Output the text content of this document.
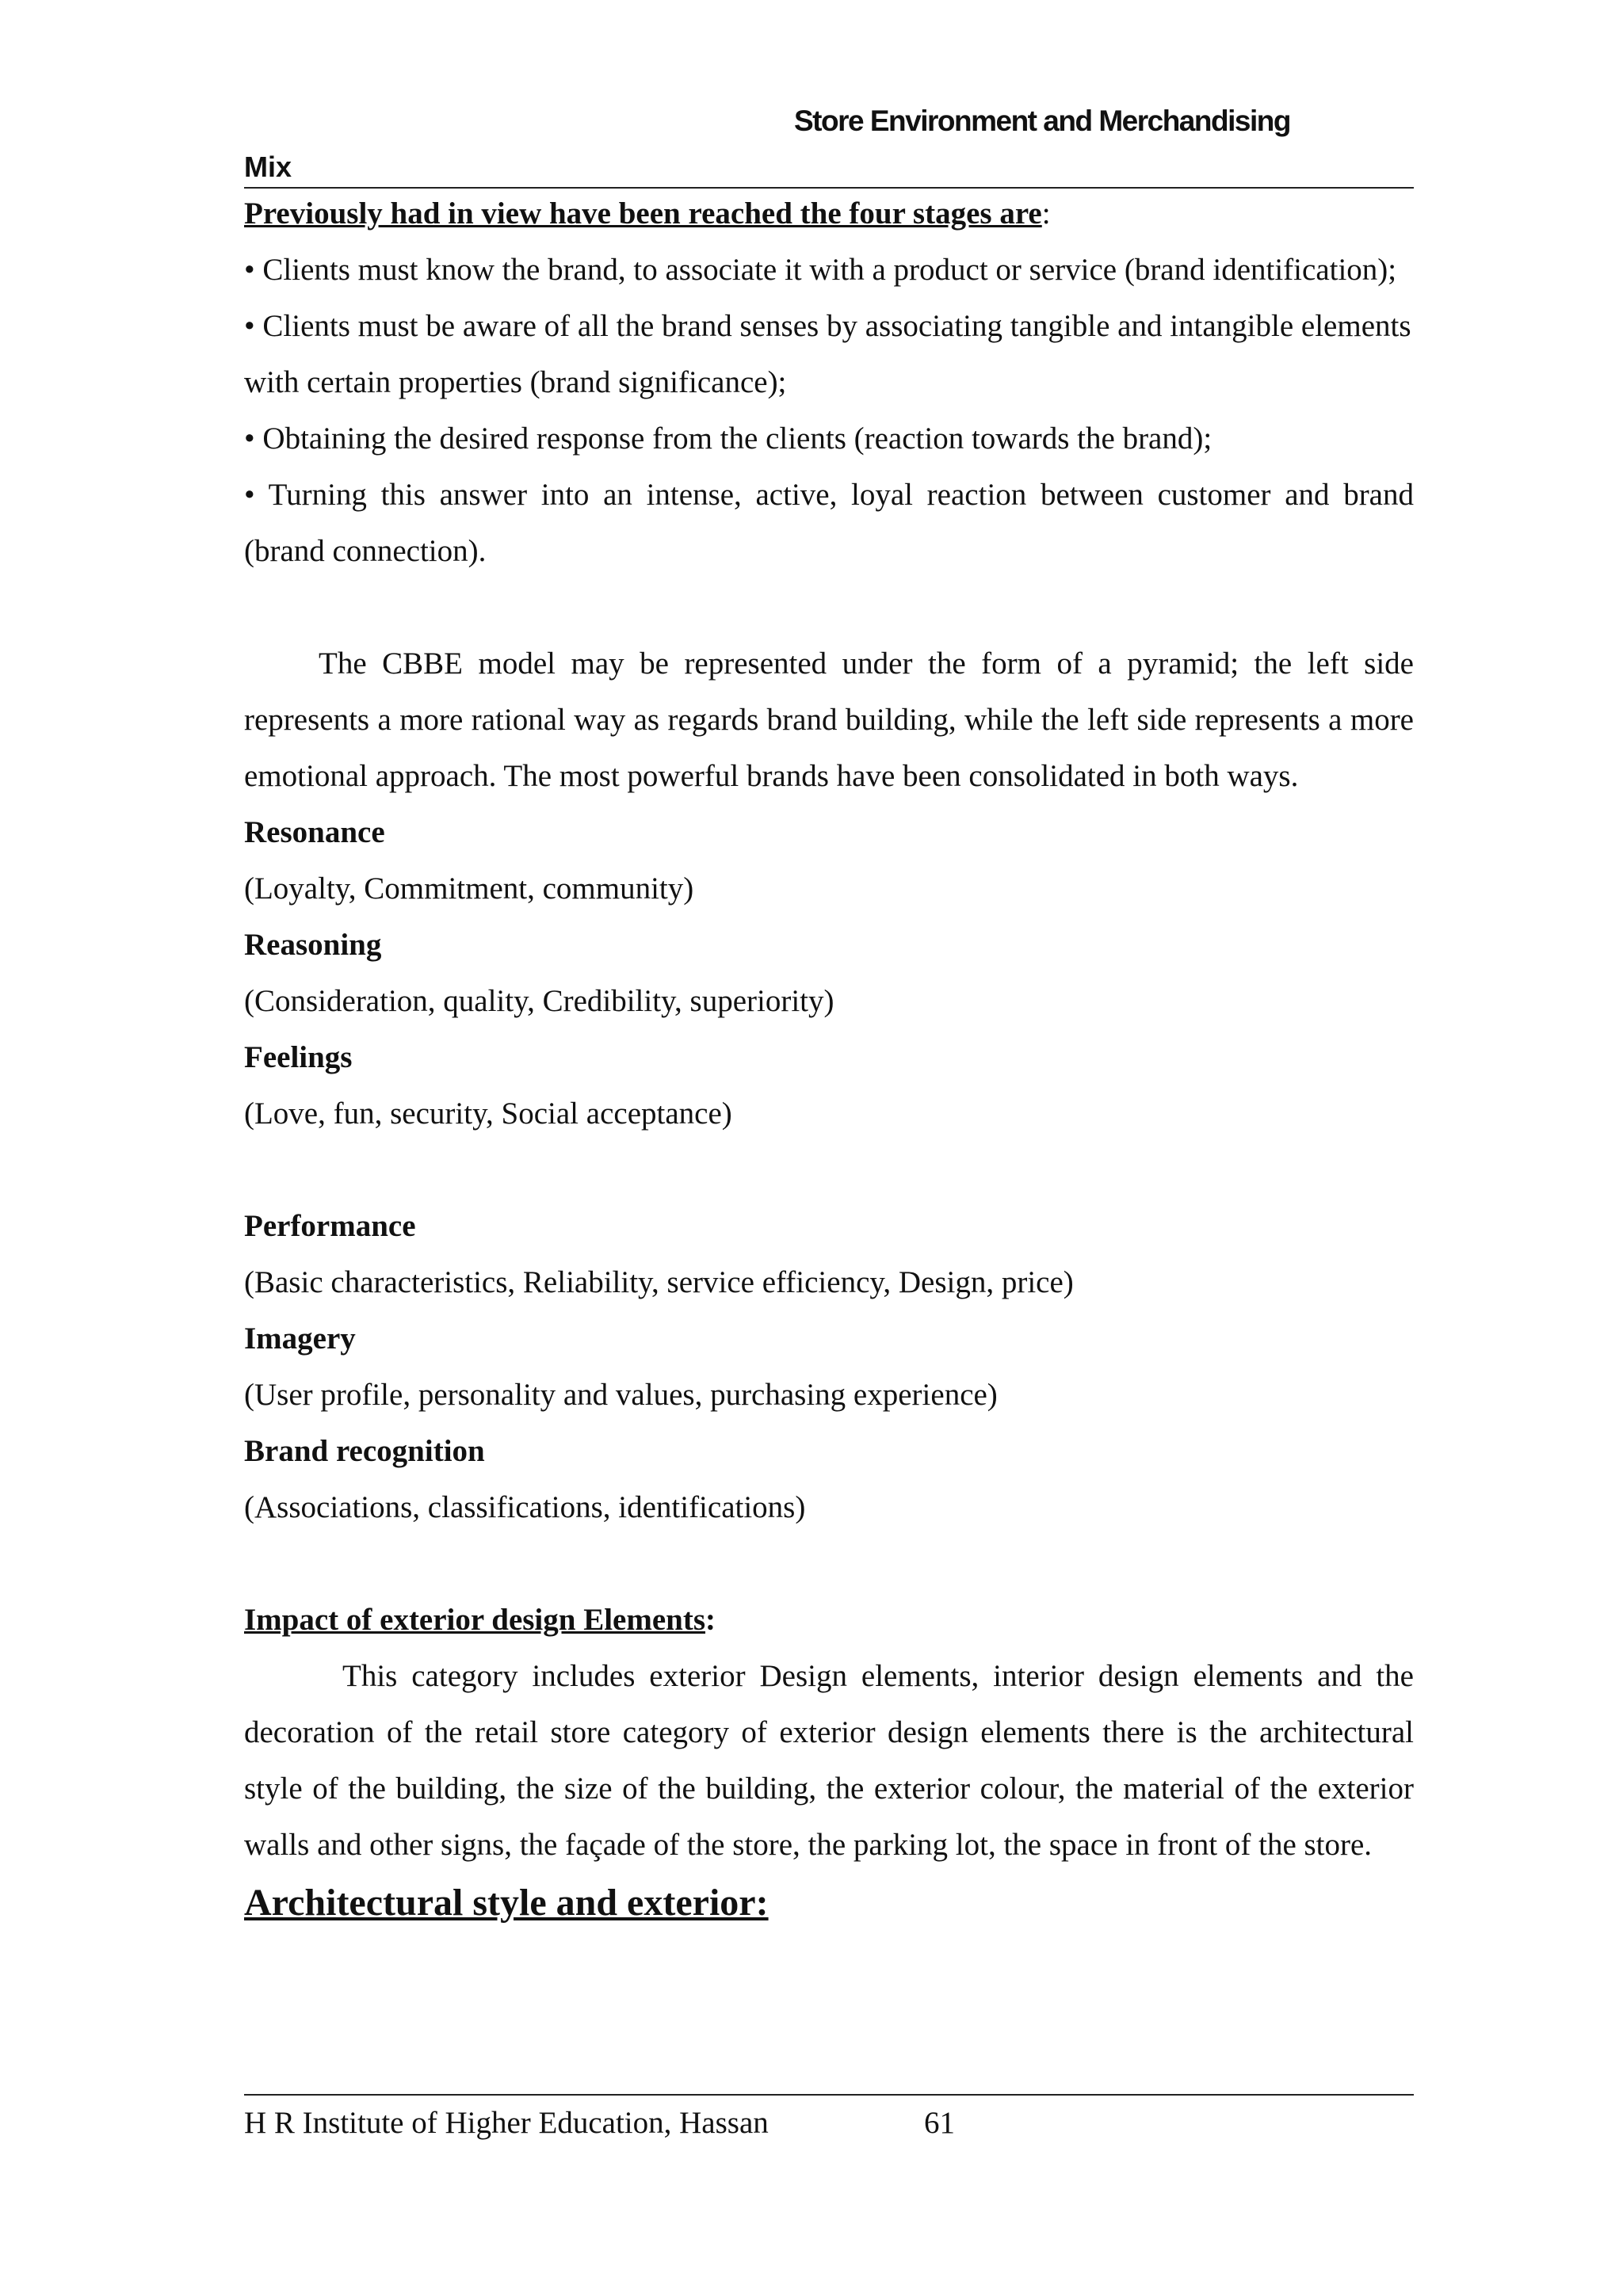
Store Environment and Merchandising
Mix

Previously had in view have been reached the four stages are:

• Clients must know the brand, to associate it with a product or service (brand identification);

• Clients must be aware of all the brand senses by associating tangible and intangible elements with certain properties (brand significance);

• Obtaining the desired response from the clients (reaction towards the brand);

• Turning this answer into an intense, active, loyal reaction between customer and brand (brand connection).

The CBBE model may be represented under the form of a pyramid; the left side represents a more rational way as regards brand building, while the left side represents a more emotional approach. The most powerful brands have been consolidated in both ways.

Resonance

(Loyalty, Commitment, community)

Reasoning

(Consideration, quality, Credibility, superiority)

Feelings

(Love, fun, security, Social acceptance)

Performance

(Basic characteristics, Reliability, service efficiency, Design, price)

Imagery

(User profile, personality and values, purchasing experience)

Brand recognition

(Associations, classifications, identifications)

Impact of exterior design Elements:

This category includes exterior Design elements, interior design elements and the decoration of the retail store category of exterior design elements there is the architectural style of the building, the size of the building, the exterior colour, the material of the exterior walls and other signs, the façade of the store, the parking lot, the space in front of the store.

Architectural style and exterior:

H R Institute of Higher Education, Hassan	61
